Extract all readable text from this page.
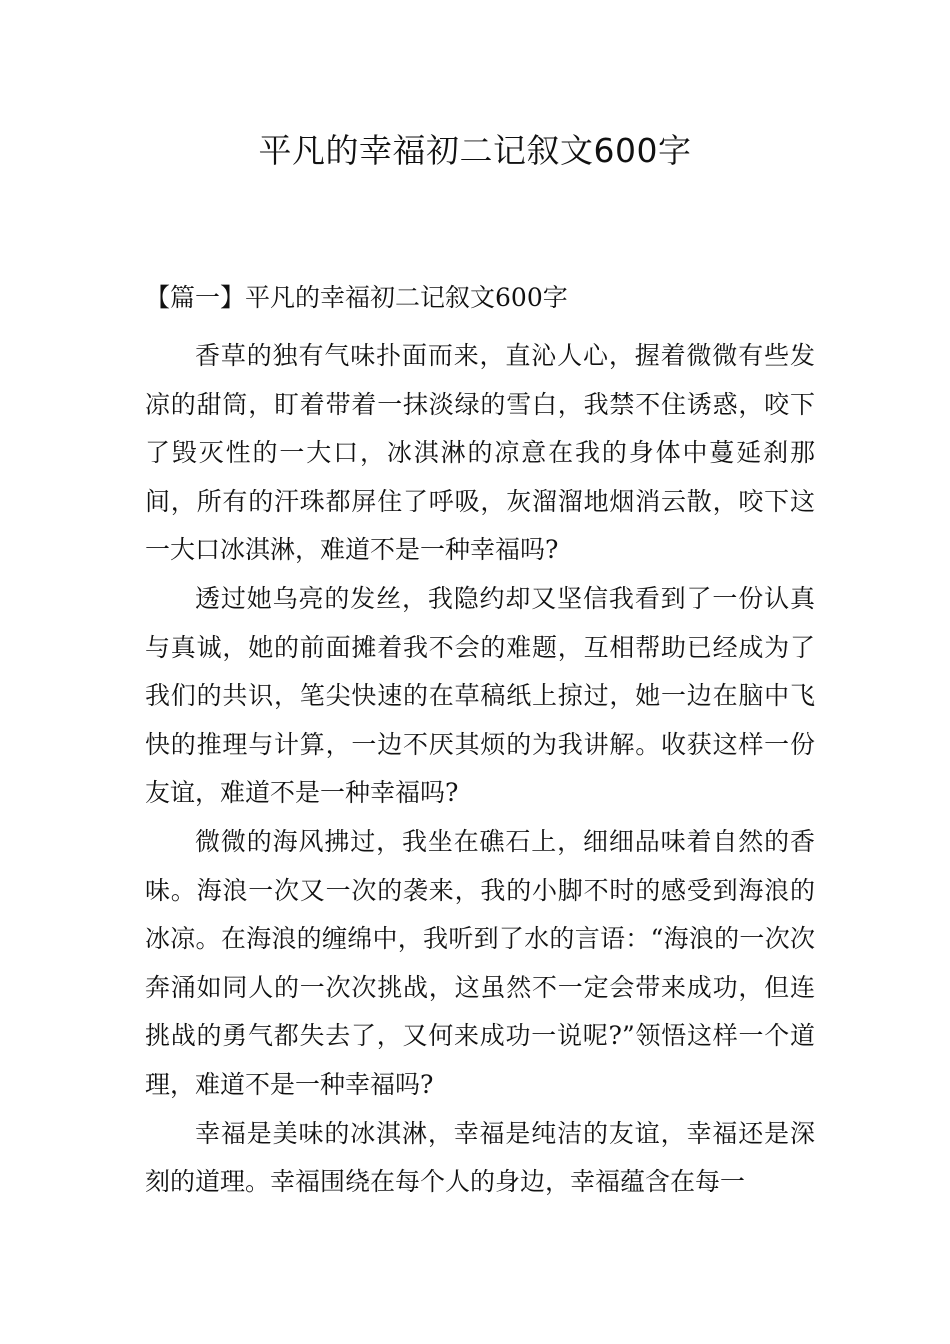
平凡的幸福初二记叙文600字

【篇一】平凡的幸福初二记叙文600字

香草的独有气味扑面而来，直沁人心，握着微微有些发凉的甜筒，盯着带着一抹淡绿的雪白，我禁不住诱惑，咬下了毁灭性的一大口，冰淇淋的凉意在我的身体中蔓延刹那间，所有的汗珠都屏住了呼吸，灰溜溜地烟消云散，咬下这一大口冰淇淋，难道不是一种幸福吗?

透过她乌亮的发丝，我隐约却又坚信我看到了一份认真与真诚，她的前面摊着我不会的难题，互相帮助已经成为了我们的共识，笔尖快速的在草稿纸上掠过，她一边在脑中飞快的推理与计算，一边不厌其烦的为我讲解。收获这样一份友谊，难道不是一种幸福吗?

微微的海风拂过，我坐在礁石上，细细品味着自然的香味。海浪一次又一次的袭来，我的小脚不时的感受到海浪的冰凉。在海浪的缠绵中，我听到了水的言语：“海浪的一次次奔涌如同人的一次次挑战，这虽然不一定会带来成功，但连挑战的勇气都失去了，又何来成功一说呢?”领悟这样一个道理，难道不是一种幸福吗?

幸福是美味的冰淇淋，幸福是纯洁的友谊，幸福还是深刻的道理。幸福围绕在每个人的身边，幸福蕴含在每一
